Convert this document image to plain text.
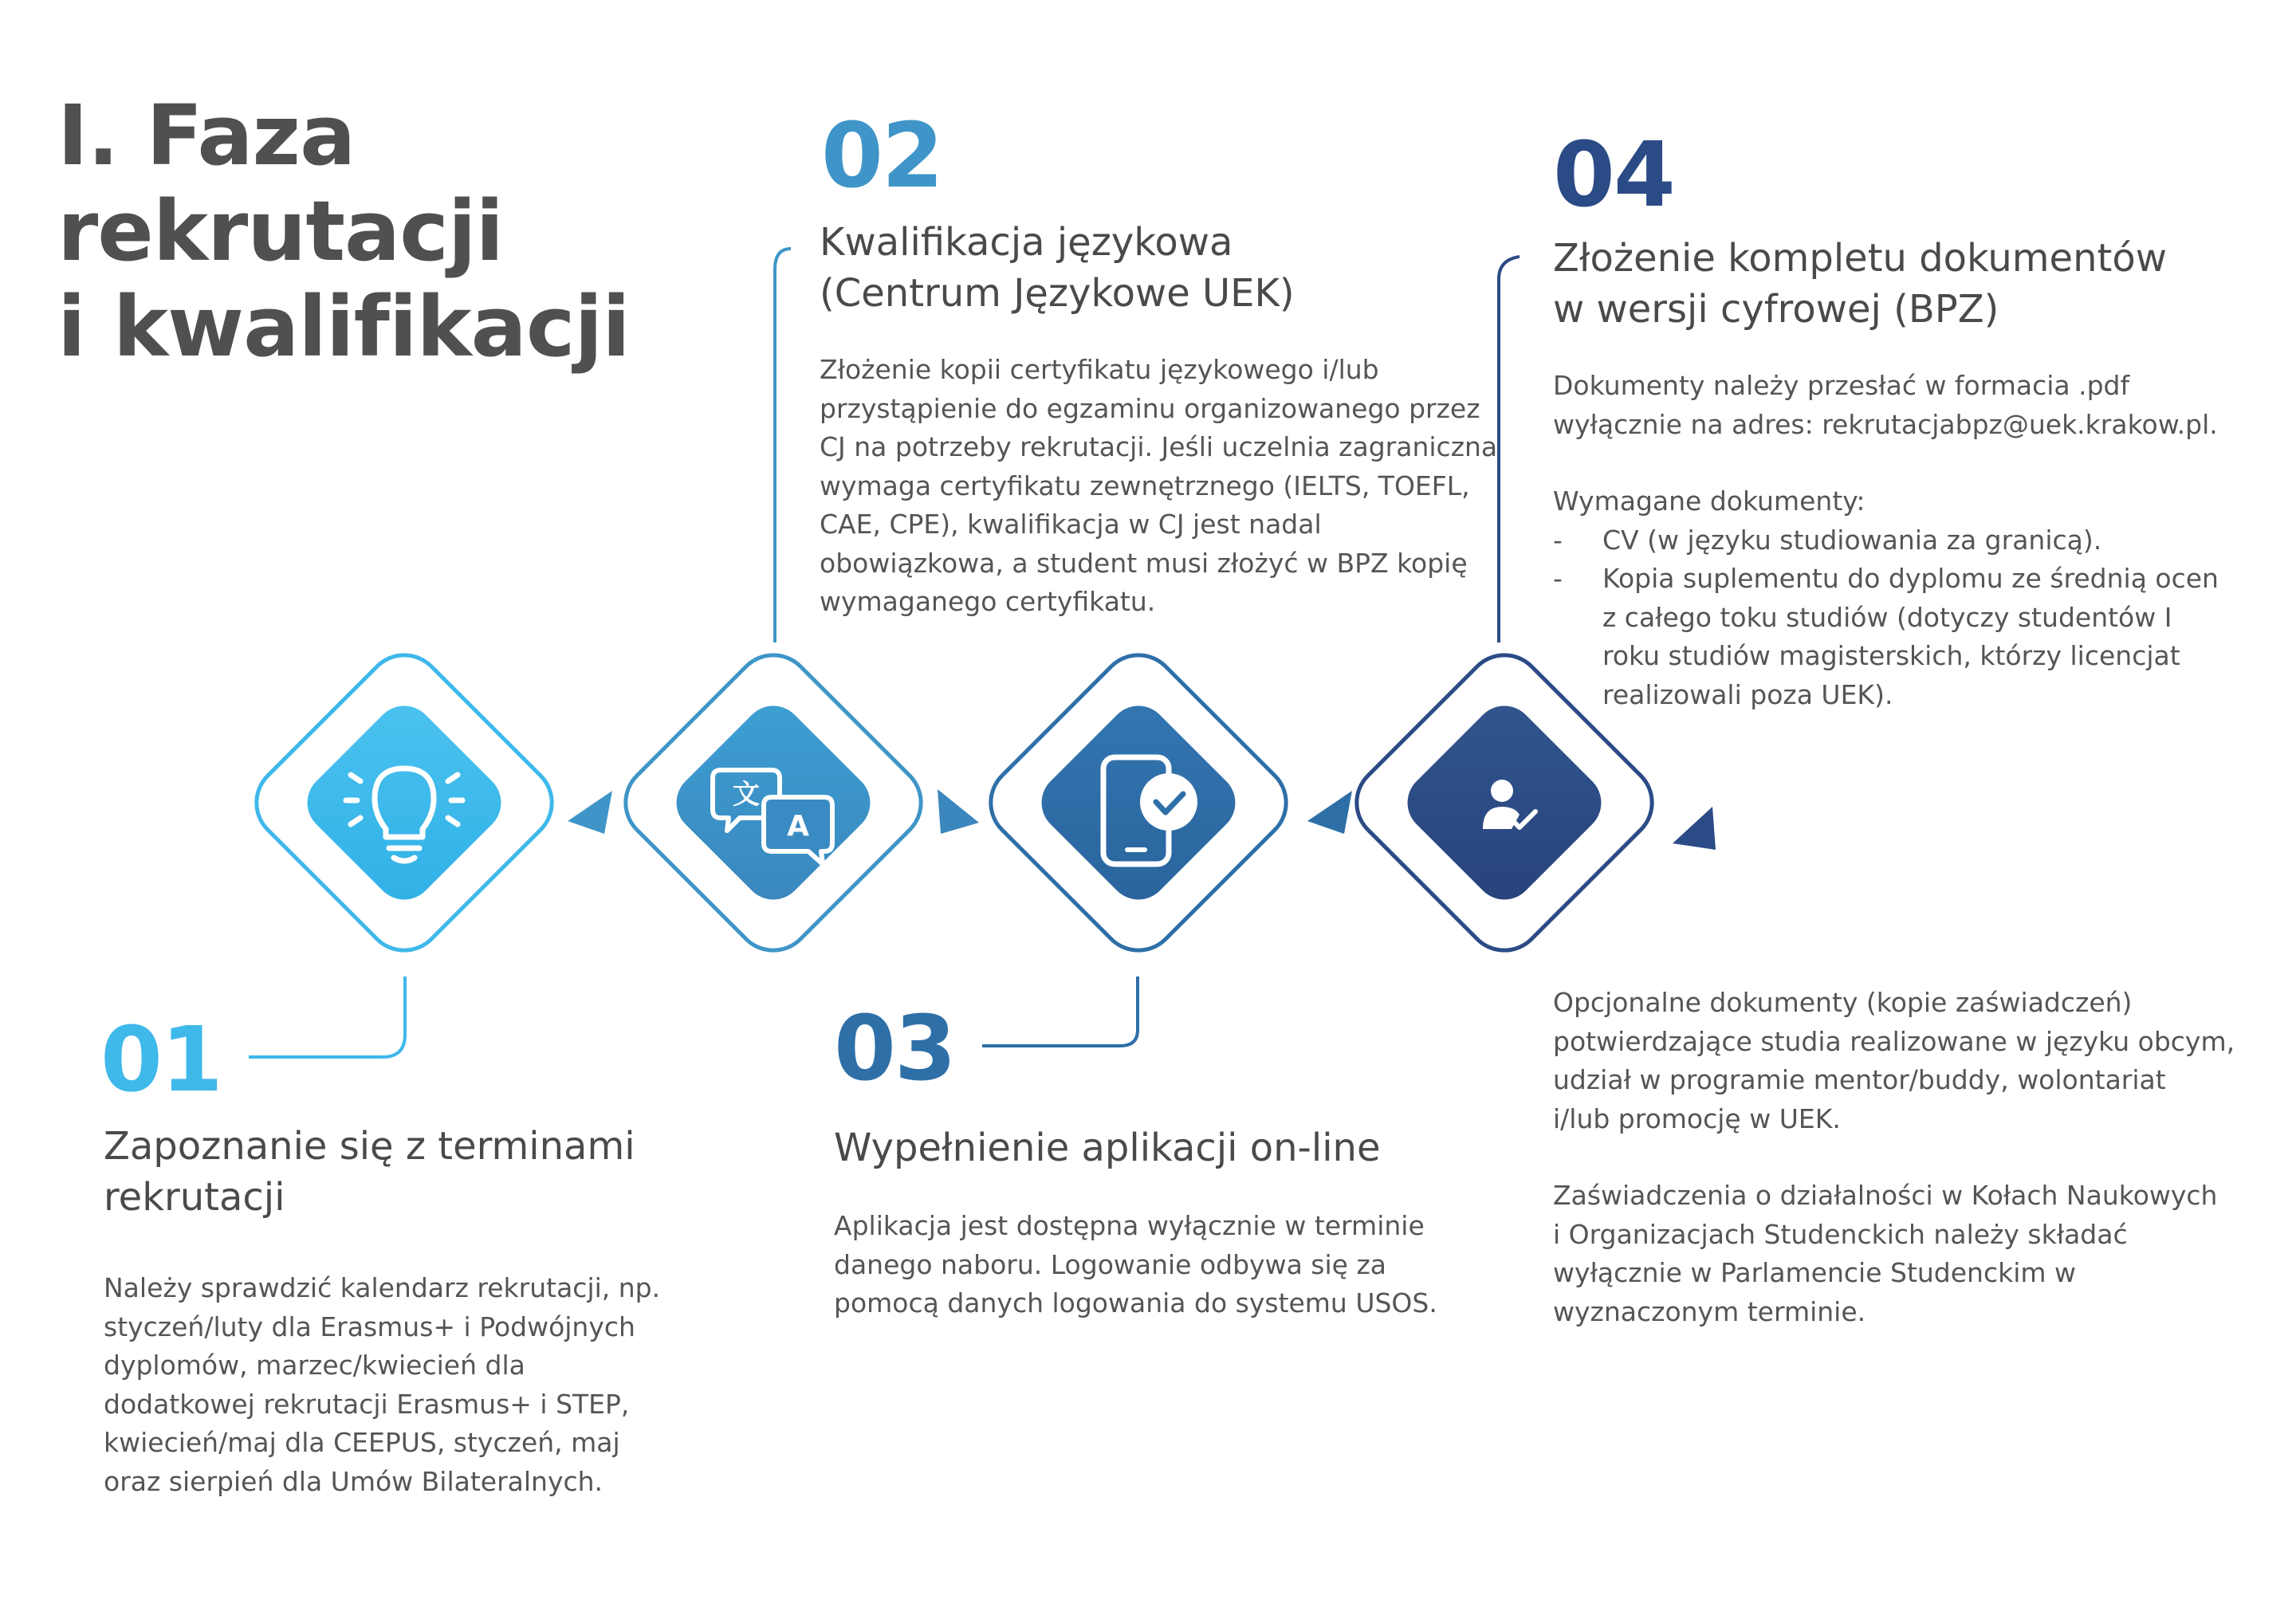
I. Faza
rekrutacji
i kwalifikacji
文
A
01
Zapoznanie się z terminami
rekrutacji
Należy sprawdzić kalendarz rekrutacji, np.
styczeń/luty dla Erasmus+ i Podwójnych
dyplomów, marzec/kwiecień dla
dodatkowej rekrutacji Erasmus+ i STEP,
kwiecień/maj dla CEEPUS, styczeń, maj
oraz sierpień dla Umów Bilateralnych.
02
Kwalifikacja językowa
(Centrum Językowe UEK)
Złożenie kopii certyfikatu językowego i/lub
przystąpienie do egzaminu organizowanego przez
CJ na potrzeby rekrutacji. Jeśli uczelnia zagraniczna
wymaga certyfikatu zewnętrznego (IELTS, TOEFL,
CAE, CPE), kwalifikacja w CJ jest nadal
obowiązkowa, a student musi złożyć w BPZ kopię
wymaganego certyfikatu.
03
Wypełnienie aplikacji on-line
Aplikacja jest dostępna wyłącznie w terminie
danego naboru. Logowanie odbywa się za
pomocą danych logowania do systemu USOS.
04
Złożenie kompletu dokumentów
w wersji cyfrowej (BPZ)
Dokumenty należy przesłać w formacia .pdf
wyłącznie na adres: rekrutacjabpz@uek.krakow.pl.
Wymagane dokumenty:
- CV (w języku studiowania za granicą).
- Kopia suplementu do dyplomu ze średnią ocen
z całego toku studiów (dotyczy studentów I
roku studiów magisterskich, którzy licencjat
realizowali poza UEK).
Opcjonalne dokumenty (kopie zaświadczeń)
potwierdzające studia realizowane w języku obcym,
udział w programie mentor/buddy, wolontariat
i/lub promocję w UEK.
Zaświadczenia o działalności w Kołach Naukowych
i Organizacjach Studenckich należy składać
wyłącznie w Parlamencie Studenckim w
wyznaczonym terminie.
